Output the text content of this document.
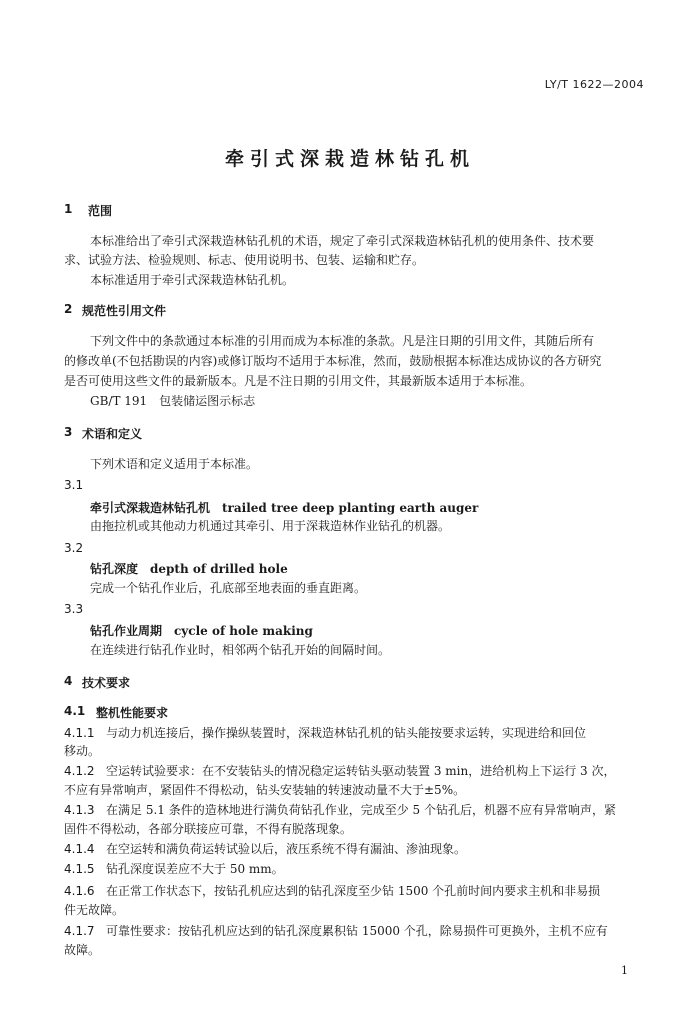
LY/T 1622—2004
牵引式深栽造林钻孔机
1 范围
本标准给出了牵引式深栽造林钻孔机的术语，规定了牵引式深栽造林钻孔机的使用条件、技术要
求、试验方法、检验规则、标志、使用说明书、包装、运输和贮存。
本标准适用于牵引式深栽造林钻孔机。
2 规范性引用文件
下列文件中的条款通过本标准的引用而成为本标准的条款。凡是注日期的引用文件，其随后所有
的修改单(不包括勘误的内容)或修订版均不适用于本标准，然而，鼓励根据本标准达成协议的各方研究
是否可使用这些文件的最新版本。凡是不注日期的引用文件，其最新版本适用于本标准。
GB/T 191　包装储运图示标志
3 术语和定义
下列术语和定义适用于本标准。
3.1
牵引式深栽造林钻孔机　trailed tree deep planting earth auger
由拖拉机或其他动力机通过其牵引、用于深栽造林作业钻孔的机器。
3.2
钻孔深度　depth of drilled hole
完成一个钻孔作业后，孔底部至地表面的垂直距离。
3.3
钻孔作业周期　cycle of hole making
在连续进行钻孔作业时，相邻两个钻孔开始的间隔时间。
4 技术要求
4.1 整机性能要求
4.1.1 与动力机连接后，操作操纵装置时，深栽造林钻孔机的钻头能按要求运转，实现进给和回位
移动。
4.1.2 空运转试验要求：在不安装钻头的情况稳定运转钻头驱动装置 3 min，进给机构上下运行 3 次，
不应有异常响声，紧固件不得松动，钻头安装轴的转速波动量不大于±5%。
4.1.3 在满足 5.1 条件的造林地进行满负荷钻孔作业，完成至少 5 个钻孔后，机器不应有异常响声，紧
固件不得松动，各部分联接应可靠，不得有脱落现象。
4.1.4 在空运转和满负荷运转试验以后，液压系统不得有漏油、渗油现象。
4.1.5 钻孔深度误差应不大于 50 mm。
4.1.6 在正常工作状态下，按钻孔机应达到的钻孔深度至少钻 1500 个孔前时间内要求主机和非易损
件无故障。
4.1.7 可靠性要求：按钻孔机应达到的钻孔深度累积钻 15000 个孔，除易损件可更换外，主机不应有
故障。
1
